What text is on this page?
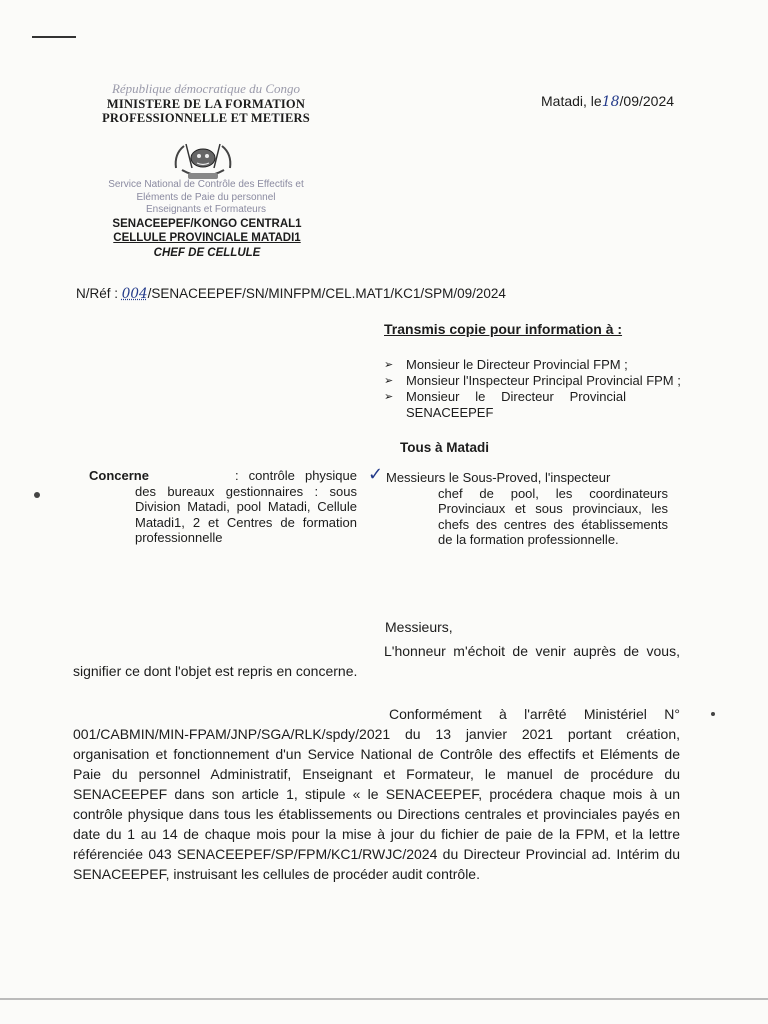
République démocratique du Congo
MINISTERE DE LA FORMATION
PROFESSIONNELLE ET METIERS
Service National de Contrôle des Effectifs et
Eléments de Paie du personnel
Enseignants et Formateurs
SENACEEPEF/KONGO CENTRAL1
CELLULE PROVINCIALE MATADI1
CHEF DE CELLULE
Matadi, le18/09/2024
N/Réf : 004/SENACEEPEF/SN/MINFPM/CEL.MAT1/KC1/SPM/09/2024
Transmis copie pour information à :
➢ Monsieur le Directeur Provincial FPM ;
➢ Monsieur l'Inspecteur Principal Provincial FPM ;
➢ Monsieur le Directeur Provincial SENACEEPEF
Tous à Matadi
Concerne	: contrôle physique des bureaux gestionnaires : sous Division Matadi, pool Matadi, Cellule Matadi1, 2 et Centres de formation professionnelle
✓ Messieurs le Sous-Proved, l'inspecteur
chef de pool, les coordinateurs Provinciaux et sous provinciaux, les chefs des centres des établissements de la formation professionnelle.
Messieurs,
L'honneur m'échoit de venir auprès de vous, signifier ce dont l'objet est repris en concerne.
Conformément à l'arrêté Ministériel N° 001/CABMIN/MIN-FPAM/JNP/SGA/RLK/spdy/2021 du 13 janvier 2021 portant création, organisation et fonctionnement d'un Service National de Contrôle des effectifs et Eléments de Paie du personnel Administratif, Enseignant et Formateur, le manuel de procédure du SENACEEPEF dans son article 1, stipule « le SENACEEPEF, procédera chaque mois à un contrôle physique dans tous les établissements ou Directions centrales et provinciales payés en date du 1 au 14 de chaque mois pour la mise à jour du fichier de paie de la FPM, et la lettre référenciée 043 SENACEEPEF/SP/FPM/KC1/RWJC/2024 du Directeur Provincial ad. Intérim du SENACEEPEF, instruisant les cellules de procéder audit contrôle.
